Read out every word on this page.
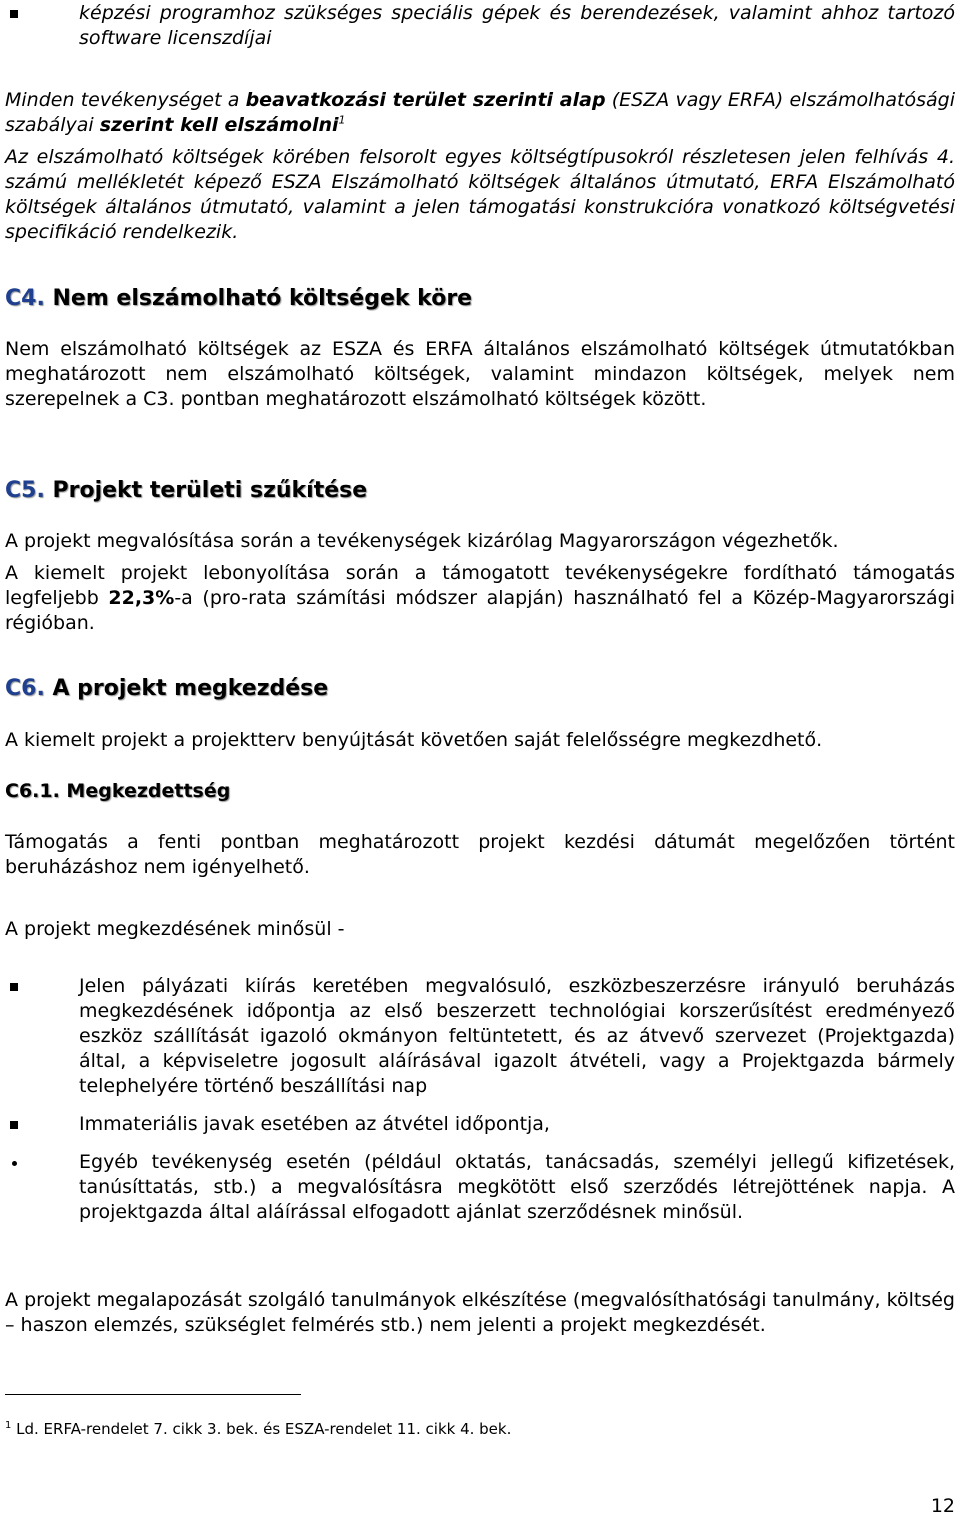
képzési programhoz szükséges speciális gépek és berendezések, valamint ahhoz tartozó software licenszdíjai

Minden tevékenységet a beavatkozási terület szerinti alap (ESZA vagy ERFA) elszámolhatósági szabályai szerint kell elszámolni$^1$

Az elszámolható költségek körében felsorolt egyes költségtípusokról részletesen jelen felhívás 4. számú mellékletét képező ESZA Elszámolható költségek általános útmutató, ERFA Elszámolható költségek általános útmutató, valamint a jelen támogatási konstrukcióra vonatkozó költségvetési specifikáció rendelkezik.

C4. Nem elszámolható költségek köre

Nem elszámolható költségek az ESZA és ERFA általános elszámolható költségek útmutatókban meghatározott nem elszámolható költségek, valamint mindazon költségek, melyek nem szerepelnek a C3. pontban meghatározott elszámolható költségek között.

C5. Projekt területi szűkítése

A projekt megvalósítása során a tevékenységek kizárólag Magyarországon végezhetők.

A kiemelt projekt lebonyolítása során a támogatott tevékenységekre fordítható támogatás legfeljebb 22,3%-a (pro-rata számítási módszer alapján) használható fel a Közép-Magyarországi régióban.

C6. A projekt megkezdése

A kiemelt projekt a projektterv benyújtását követően saját felelősségre megkezdhető.

C6.1. Megkezdettség

Támogatás a fenti pontban meghatározott projekt kezdési dátumát megelőzően történt beruházáshoz nem igényelhető.

A projekt megkezdésének minősül -

Jelen pályázati kiírás keretében megvalósuló, eszközbeszerzésre irányuló beruházás megkezdésének időpontja az első beszerzett technológiai korszerűsítést eredményező eszköz szállítását igazoló okmányon feltüntetett, és az átvevő szervezet (Projektgazda) által, a képviseletre jogosult aláírásával igazolt átvételi, vagy a Projektgazda bármely telephelyére történő beszállítási nap

Immateriális javak esetében az átvétel időpontja,

Egyéb tevékenység esetén (például oktatás, tanácsadás, személyi jellegű kifizetések, tanúsíttatás, stb.) a megvalósításra megkötött első szerződés létrejöttének napja. A projektgazda által aláírással elfogadott ajánlat szerződésnek minősül.

A projekt megalapozását szolgáló tanulmányok elkészítése (megvalósíthatósági tanulmány, költség – haszon elemzés, szükséglet felmérés stb.) nem jelenti a projekt megkezdését.

$^1$ Ld. ERFA-rendelet 7. cikk 3. bek. és ESZA-rendelet 11. cikk 4. bek.
12
